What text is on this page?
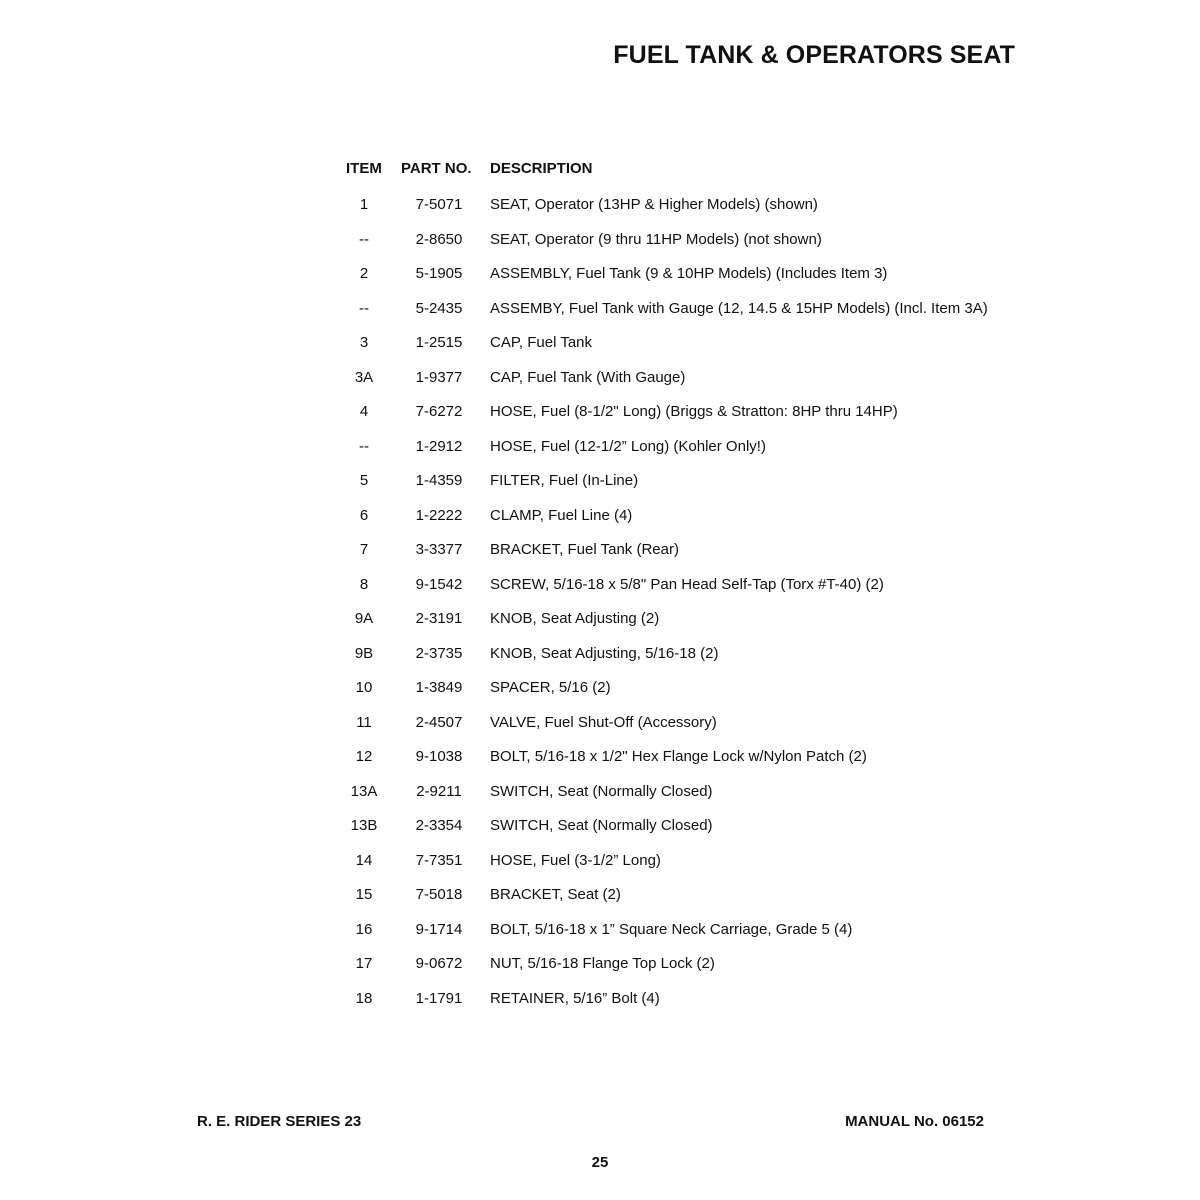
FUEL TANK & OPERATORS SEAT
ITEM PART NO. DESCRIPTION
1	7-5071	SEAT, Operator (13HP & Higher Models) (shown)
--	2-8650	SEAT, Operator (9 thru 11HP Models) (not shown)
2	5-1905	ASSEMBLY, Fuel Tank (9 & 10HP Models) (Includes Item 3)
--	5-2435	ASSEMBY, Fuel Tank with Gauge (12, 14.5 & 15HP Models) (Incl. Item 3A)
3	1-2515	CAP, Fuel Tank
3A	1-9377	CAP, Fuel Tank (With Gauge)
4	7-6272	HOSE, Fuel (8-1/2" Long) (Briggs & Stratton: 8HP thru 14HP)
--	1-2912	HOSE, Fuel (12-1/2” Long) (Kohler Only!)
5	1-4359	FILTER, Fuel (In-Line)
6	1-2222	CLAMP, Fuel Line (4)
7	3-3377	BRACKET, Fuel Tank (Rear)
8	9-1542	SCREW, 5/16-18 x 5/8" Pan Head Self-Tap (Torx #T-40) (2)
9A	2-3191	KNOB, Seat Adjusting (2)
9B	2-3735	KNOB, Seat Adjusting, 5/16-18 (2)
10	1-3849	SPACER, 5/16 (2)
11	2-4507	VALVE, Fuel Shut-Off (Accessory)
12	9-1038	BOLT, 5/16-18 x 1/2" Hex Flange Lock w/Nylon Patch (2)
13A	2-9211	SWITCH, Seat (Normally Closed)
13B	2-3354	SWITCH, Seat (Normally Closed)
14	7-7351	HOSE, Fuel (3-1/2” Long)
15	7-5018	BRACKET, Seat (2)
16	9-1714	BOLT, 5/16-18 x 1” Square Neck Carriage, Grade 5 (4)
17	9-0672	NUT, 5/16-18 Flange Top Lock (2)
18	1-1791	RETAINER, 5/16” Bolt (4)
R. E. RIDER SERIES 23	MANUAL No. 06152
25
